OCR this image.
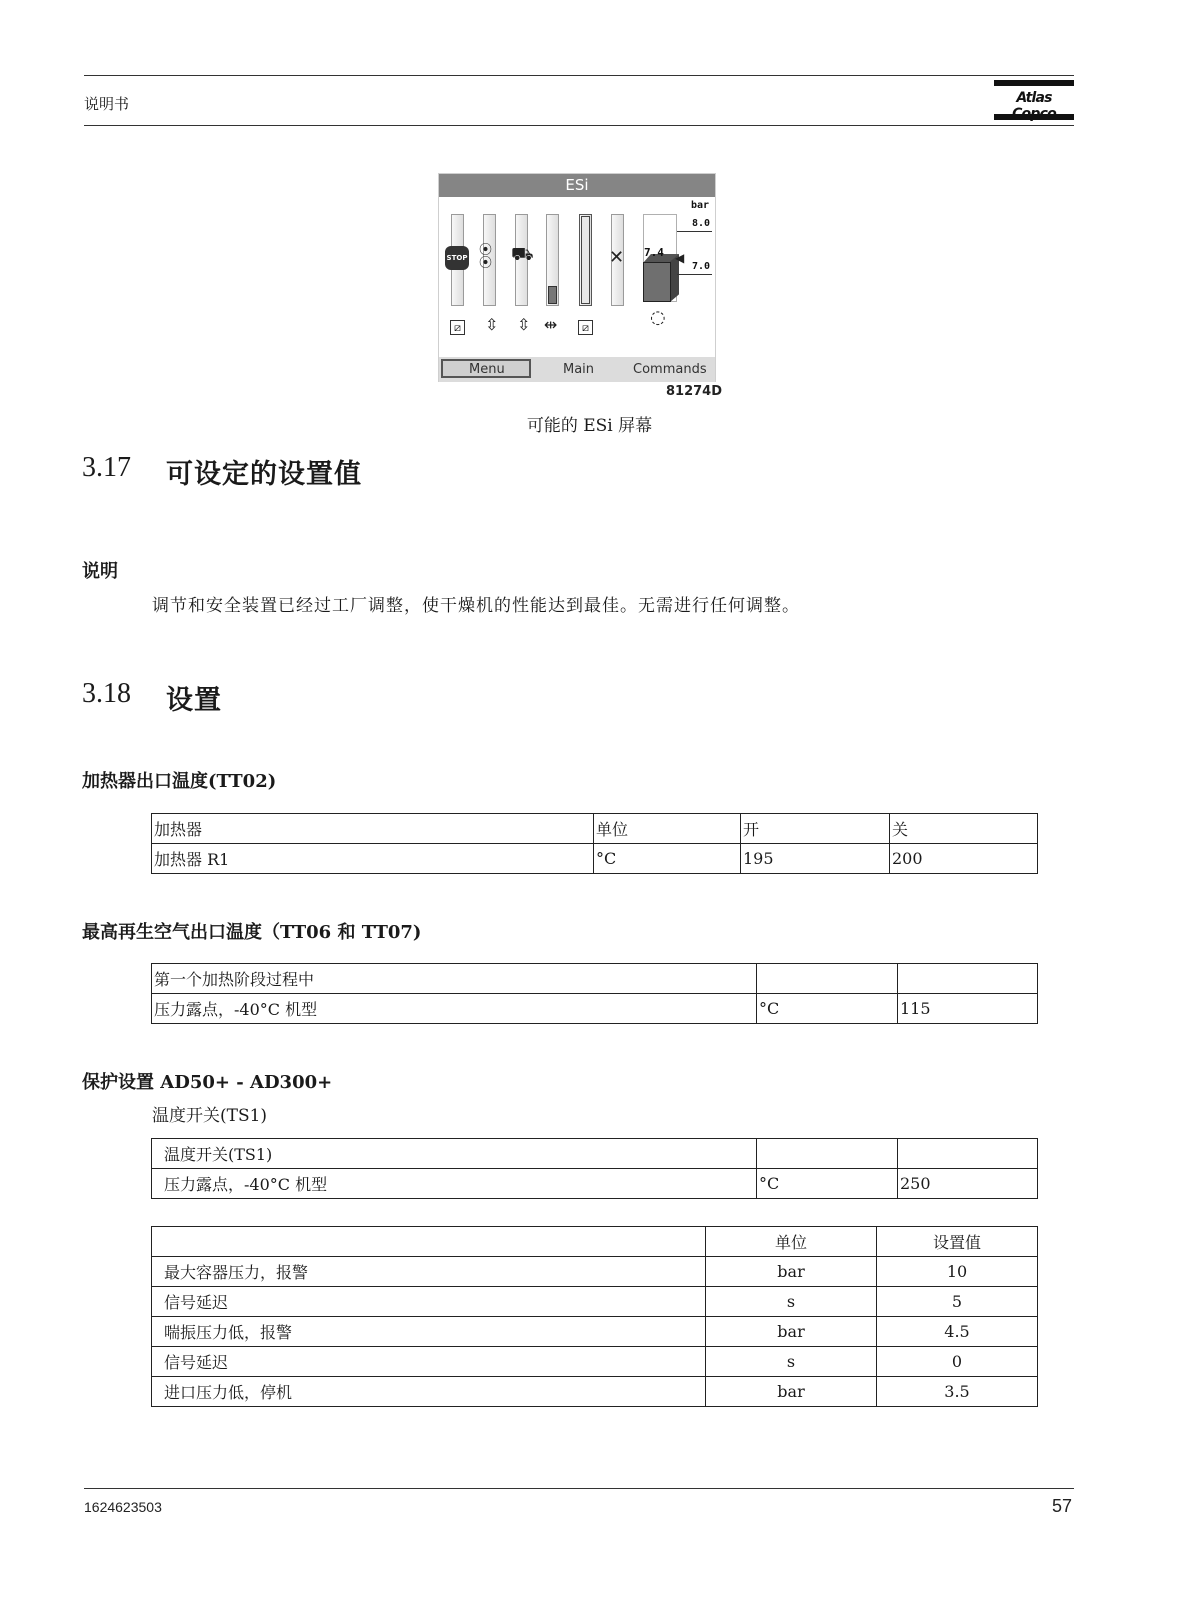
说明书	Atlas
ESi
bar
STOP ⦿
⦿ ⛟	✕
8.0
7.4 ◀
7.0
⧄ ⇳ ⇳ ⇹	⧄	◌
Menu	Main	Commands
81274D
可能的 ESi 屏幕
3.17 可设定的设置值
说明
调节和安全装置已经过工厂调整，使干燥机的性能达到最佳。无需进行任何调整。
3.18 设置
加热器出口温度(TT02)
加热器	单位	开	关
加热器 R1	°C	195	200
最高再生空气出口温度（TT06 和 TT07)
第一个加热阶段过程中		
压力露点，-40°C 机型	°C	115
保护设置 AD50+ - AD300+
温度开关(TS1)
温度开关(TS1)		
压力露点，-40°C 机型	°C	250
	单位	设置值
最大容器压力，报警	bar	10
信号延迟	s	5
喘振压力低，报警	bar	4.5
信号延迟	s	0
进口压力低，停机	bar	3.5
1624623503	57
